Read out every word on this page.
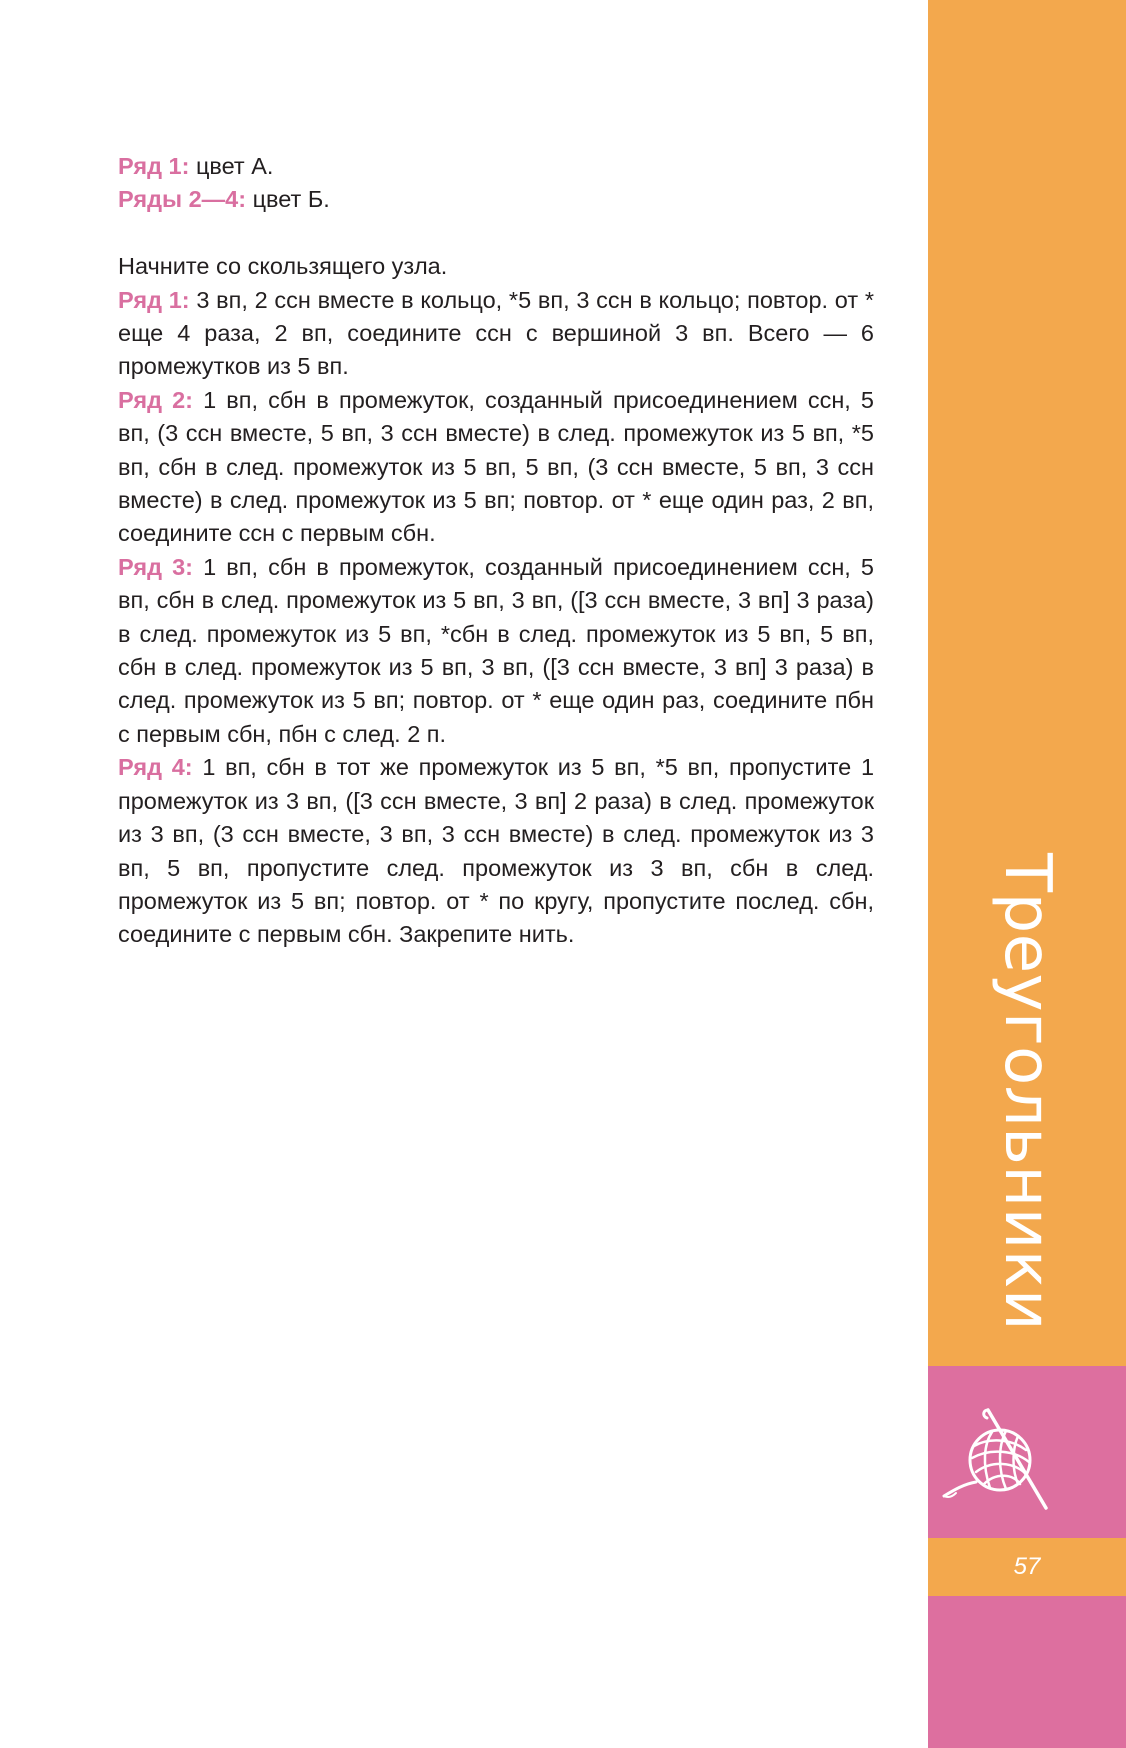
Ряд 1: цвет А.

Ряды 2—4: цвет Б.

Начните со скользящего узла.

Ряд 1: 3 вп, 2 ссн вместе в кольцо, *5 вп, 3 ссн в кольцо; повтор. от * еще 4 раза, 2 вп, соедините ссн с вершиной 3 вп. Всего — 6 промежутков из 5 вп.

Ряд 2: 1 вп, сбн в промежуток, созданный присоединением ссн, 5 вп, (3 ссн вместе, 5 вп, 3 ссн вместе) в след. промежуток из 5 вп, *5 вп, сбн в след. промежуток из 5 вп, 5 вп, (3 ссн вместе, 5 вп, 3 ссн вместе) в след. промежуток из 5 вп; повтор. от * еще один раз, 2 вп, соедините ссн с первым сбн.

Ряд 3: 1 вп, сбн в промежуток, созданный присоединением ссн, 5 вп, сбн в след. промежуток из 5 вп, 3 вп, ([3 ссн вместе, 3 вп] 3 раза) в след. промежуток из 5 вп, *сбн в след. промежуток из 5 вп, 5 вп, сбн в след. промежуток из 5 вп, 3 вп, ([3 ссн вместе, 3 вп] 3 раза) в след. промежуток из 5 вп; повтор. от * еще один раз, соедините пбн с первым сбн, пбн с след. 2 п.

Ряд 4: 1 вп, сбн в тот же промежуток из 5 вп, *5 вп, пропустите 1 промежуток из 3 вп, ([3 ссн вместе, 3 вп] 2 раза) в след. промежуток из 3 вп, (3 ссн вместе, 3 вп, 3 ссн вместе) в след. промежуток из 3 вп, 5 вп, пропустите след. промежуток из 3 вп, сбн в след. промежуток из 5 вп; повтор. от * по кругу, пропустите послед. сбн, соедините с первым сбн. Закрепите нить.	Треугольники
57
